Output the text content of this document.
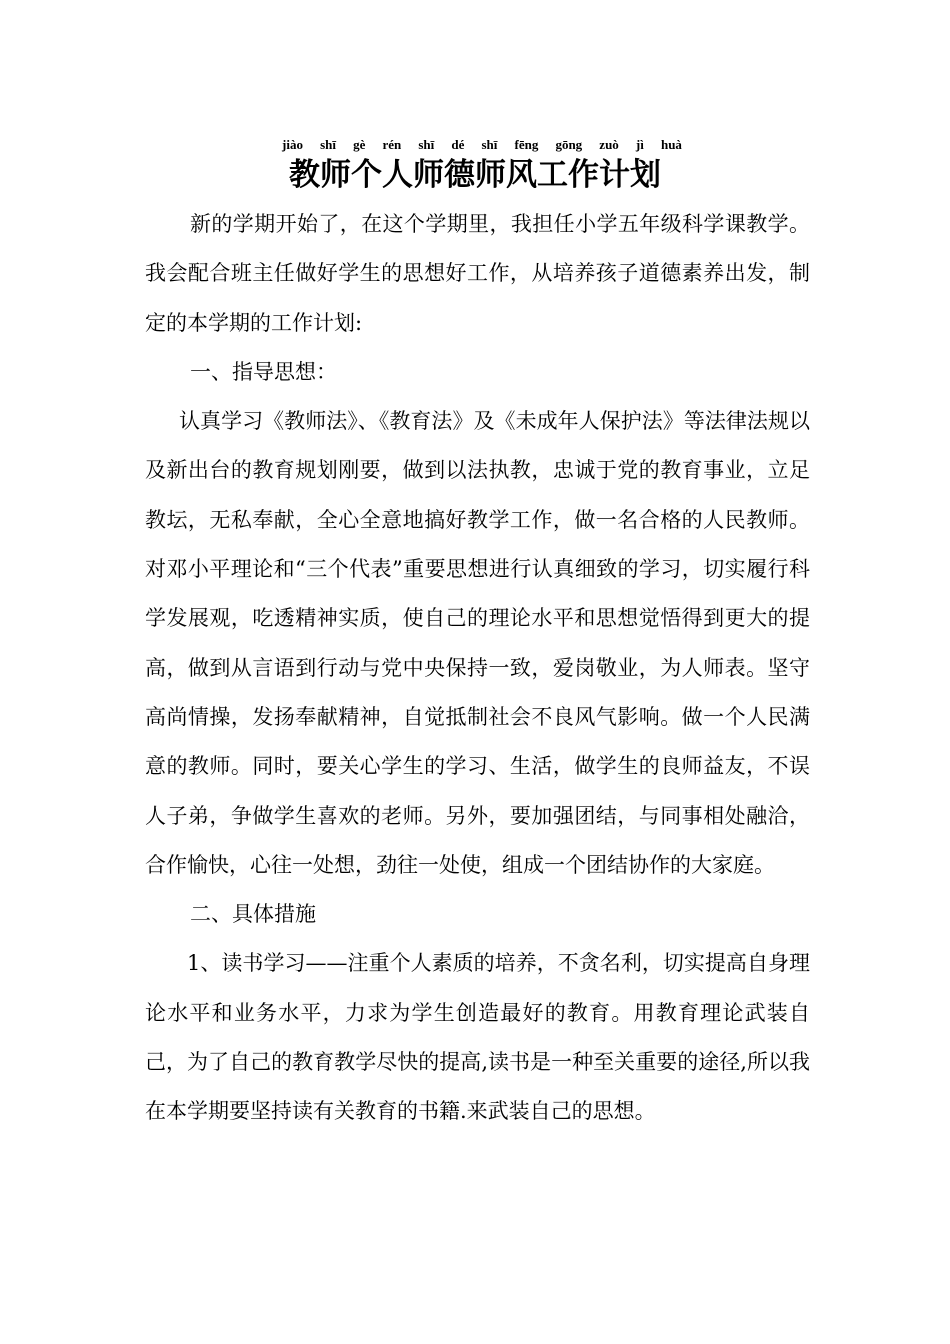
jiào shī gè rén shī dé shī fēng gōng zuò jì huà
教师个人师德师风工作计划

新的学期开始了，在这个学期里，我担任小学五年级科学课教学。我会配合班主任做好学生的思想好工作，从培养孩子道德素养出发，制定的本学期的工作计划:

一、指导思想：

认真学习《教师法》、《教育法》及《未成年人保护法》等法律法规以及新出台的教育规划刚要，做到以法执教，忠诚于党的教育事业，立足教坛，无私奉献，全心全意地搞好教学工作，做一名合格的人民教师。对邓小平理论和“三个代表”重要思想进行认真细致的学习，切实履行科学发展观，吃透精神实质，使自己的理论水平和思想觉悟得到更大的提高，做到从言语到行动与党中央保持一致，爱岗敬业，为人师表。坚守高尚情操，发扬奉献精神，自觉抵制社会不良风气影响。做一个人民满意的教师。同时，要关心学生的学习、生活，做学生的良师益友，不误人子弟，争做学生喜欢的老师。另外，要加强团结，与同事相处融洽，合作愉快，心往一处想，劲往一处使，组成一个团结协作的大家庭。

二、具体措施

1、读书学习——注重个人素质的培养，不贪名利，切实提高自身理论水平和业务水平，力求为学生创造最好的教育。用教育理论武装自己，为了自己的教育教学尽快的提高,读书是一种至关重要的途径,所以我在本学期要坚持读有关教育的书籍.来武装自己的思想。
